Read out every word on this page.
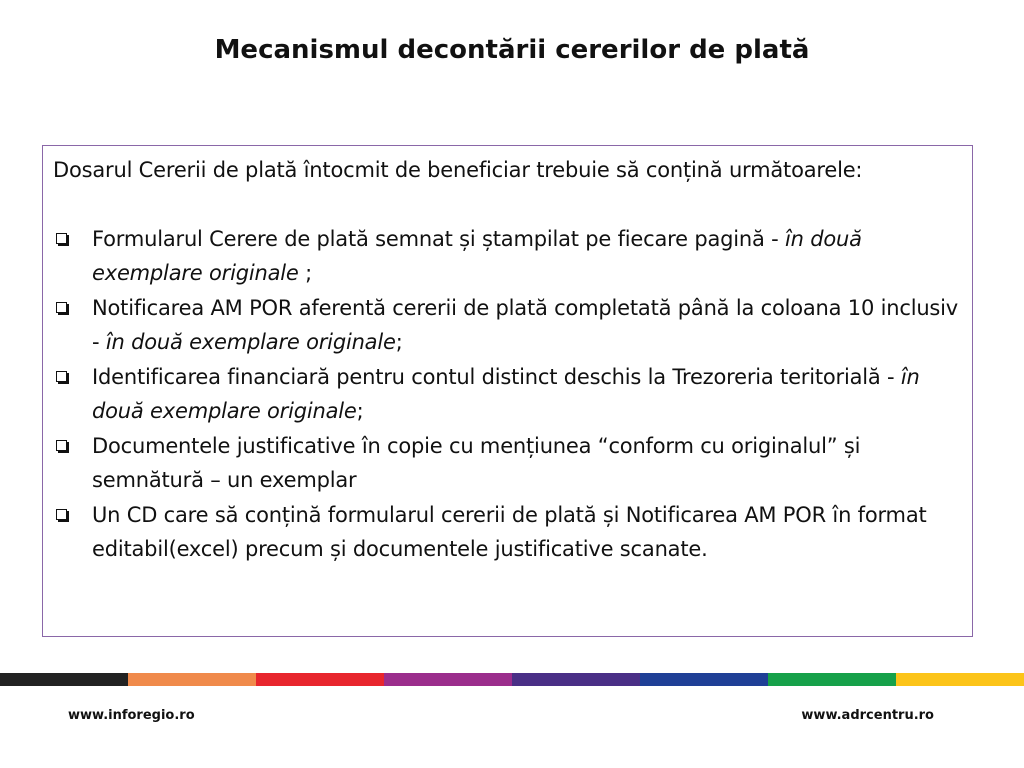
Mecanismul decontării cererilor de plată

Dosarul Cererii de plată întocmit de beneficiar trebuie să conțină următoarele:

Formularul Cerere de plată semnat și ștampilat pe fiecare pagină - în două exemplare originale ;
Notificarea AM POR aferentă cererii de plată completată până la coloana 10 inclusiv - în două exemplare originale;
Identificarea financiară pentru contul distinct deschis la Trezoreria teritorială - în două exemplare originale;
Documentele justificative în copie cu mențiunea “conform cu originalul” și semnătură – un exemplar
Un CD care să conțină formularul cererii de plată și Notificarea AM POR în format editabil(excel) precum și documentele justificative scanate.
www.inforegio.ro	www.adrcentru.ro
